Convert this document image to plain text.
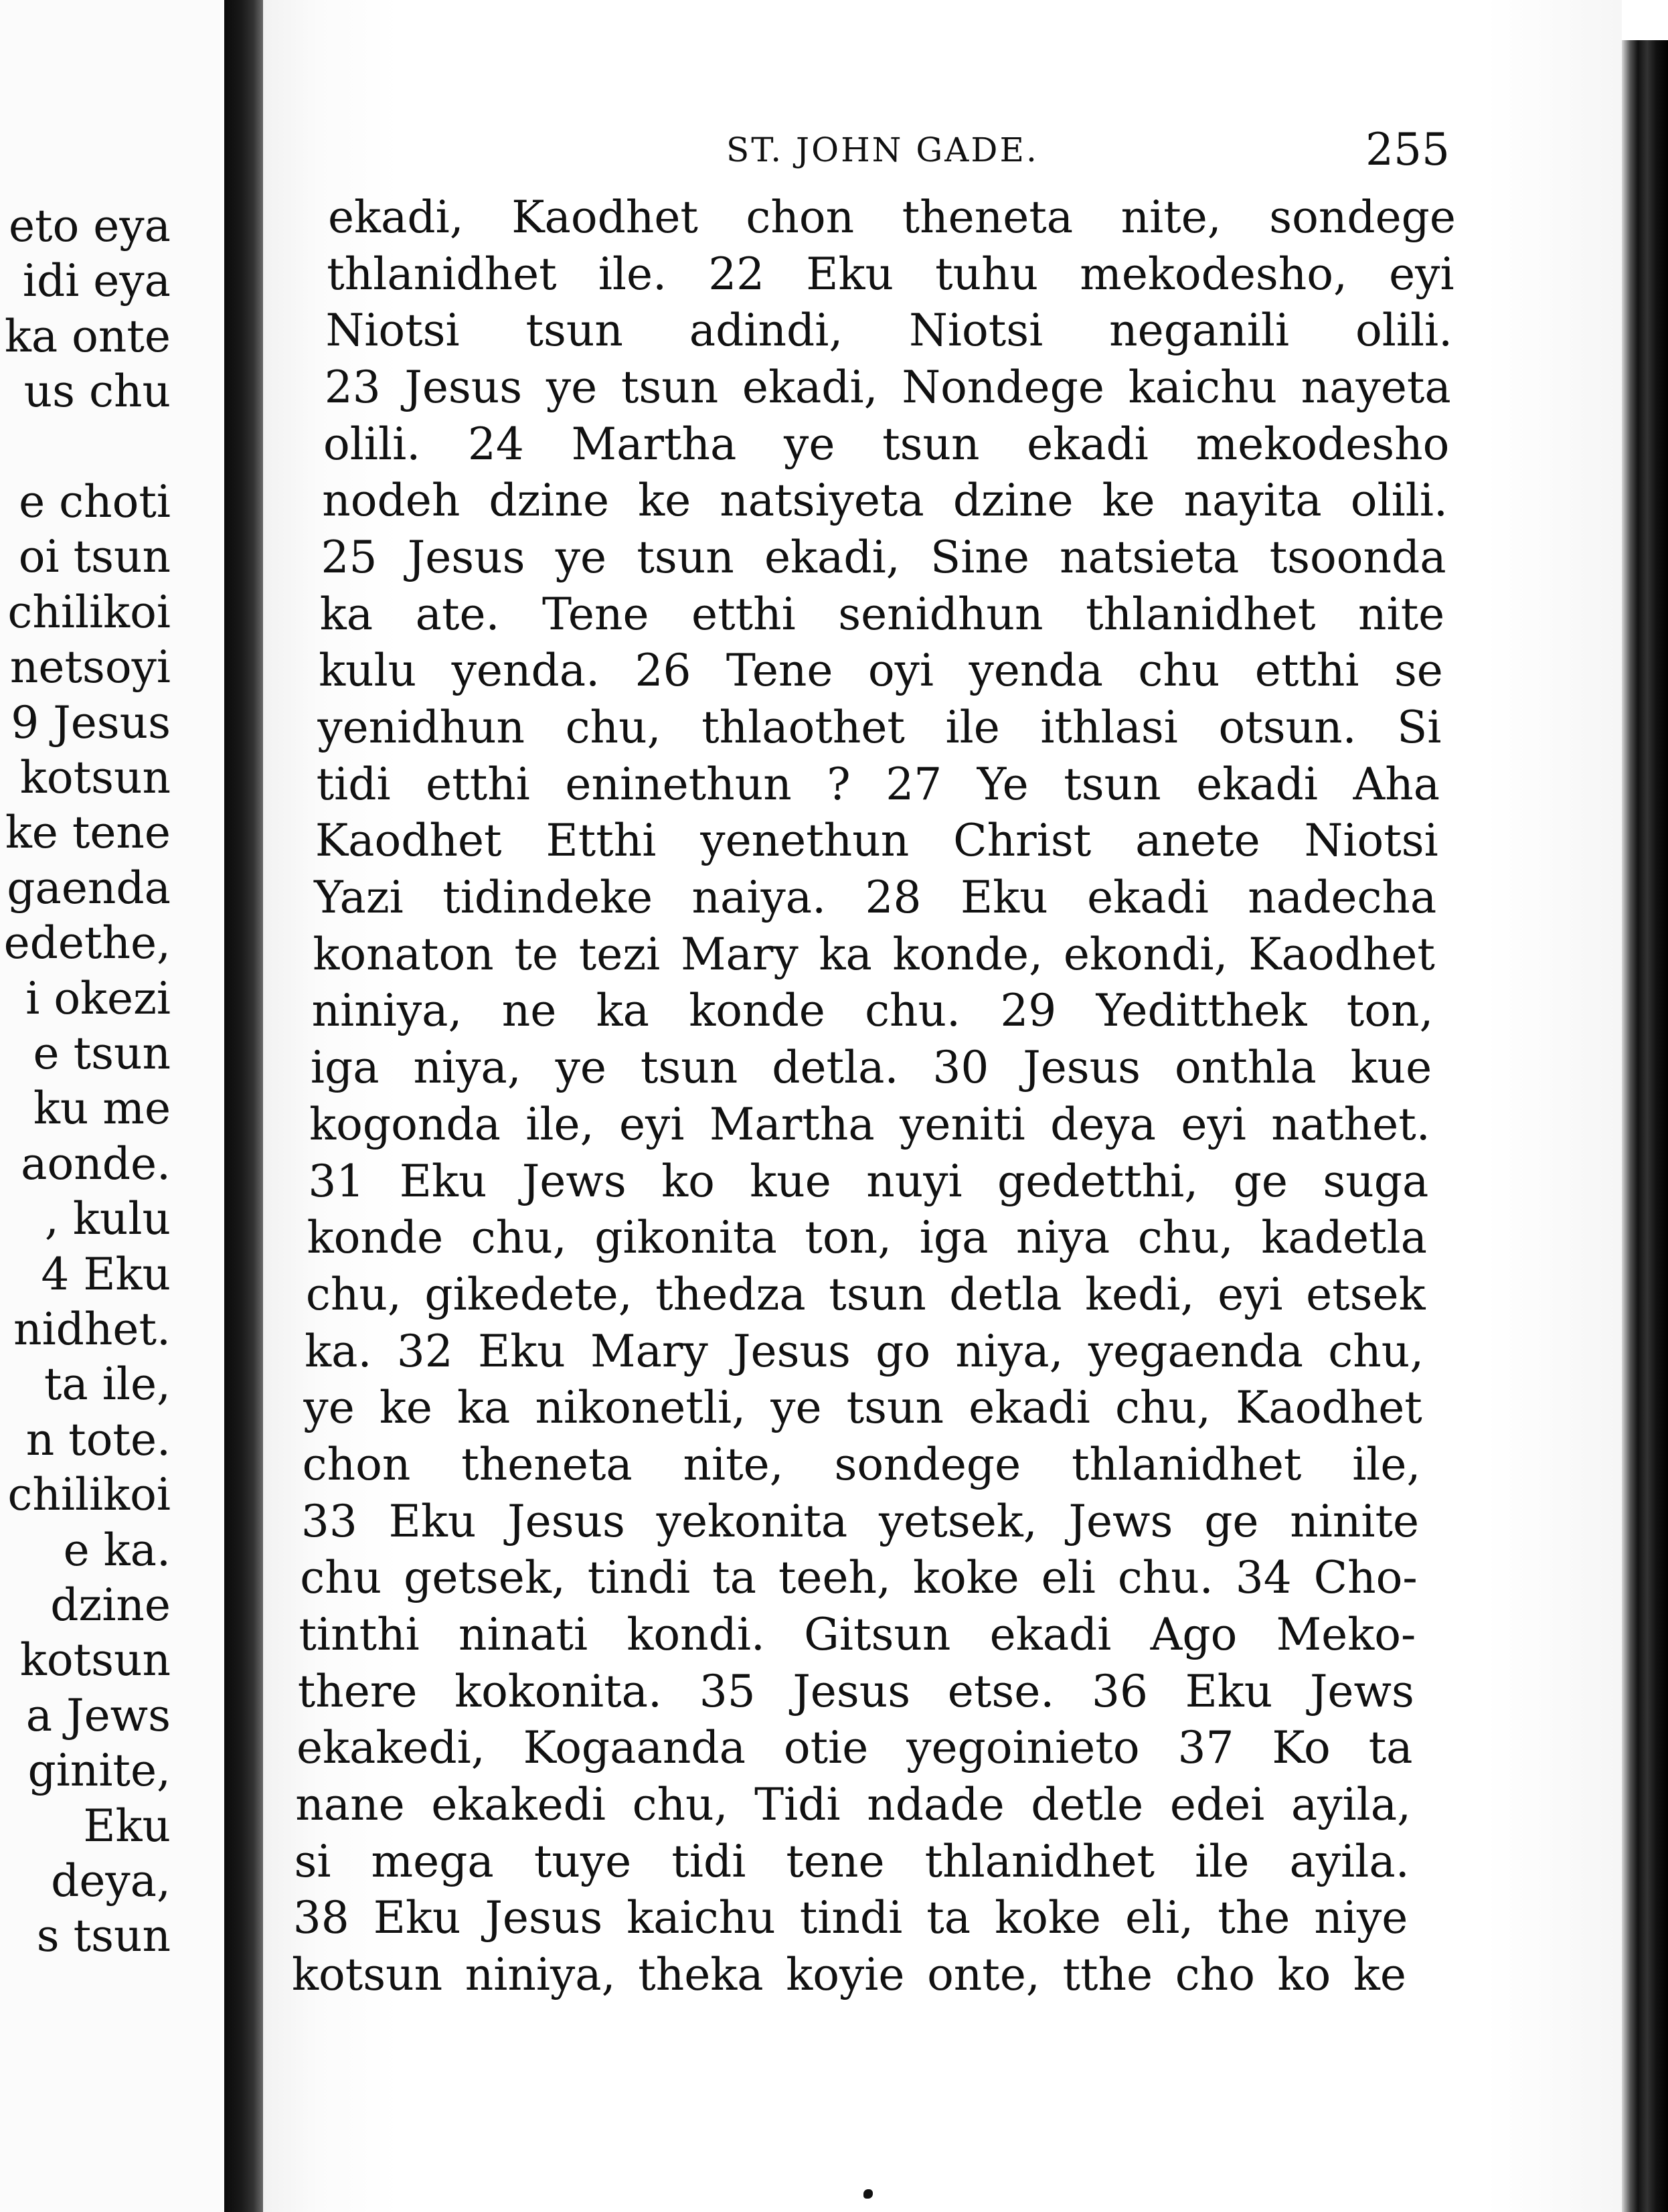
eto eya
idi eya
ka onte
us chu
e choti
oi tsun
chilikoi
netsoyi
9 Jesus
kotsun
ke tene
gaenda
edethe,
i okezi
e tsun
ku me
aonde.
, kulu
4 Eku
nidhet.
ta ile,
n tote.
chilikoi
e ka.
dzine
kotsun
a Jews
ginite,
Eku
deya,
s tsun
ST. JOHN GADE.	255
ekadi, Kaodhet chon theneta nite, sondege
thlanidhet ile. 22 Eku tuhu mekodesho, eyi
Niotsi tsun adindi, Niotsi neganili olili.
23 Jesus ye tsun ekadi, Nondege kaichu nayeta
olili. 24 Martha ye tsun ekadi mekodesho
nodeh dzine ke natsiyeta dzine ke nayita olili.
25 Jesus ye tsun ekadi, Sine natsieta tsoonda
ka ate. Tene etthi senidhun thlanidhet nite
kulu yenda. 26 Tene oyi yenda chu etthi se
yenidhun chu, thlaothet ile ithlasi otsun. Si
tidi etthi eninethun ? 27 Ye tsun ekadi Aha
Kaodhet Etthi yenethun Christ anete Niotsi
Yazi tidindeke naiya. 28 Eku ekadi nadecha
konaton te tezi Mary ka konde, ekondi, Kaodhet
niniya, ne ka konde chu. 29 Yeditthek ton,
iga niya, ye tsun detla. 30 Jesus onthla kue
kogonda ile, eyi Martha yeniti deya eyi nathet.
31 Eku Jews ko kue nuyi gedetthi, ge suga
konde chu, gikonita ton, iga niya chu, kadetla
chu, gikedete, thedza tsun detla kedi, eyi etsek
ka. 32 Eku Mary Jesus go niya, yegaenda chu,
ye ke ka nikonetli, ye tsun ekadi chu, Kaodhet
chon theneta nite, sondege thlanidhet ile,
33 Eku Jesus yekonita yetsek, Jews ge ninite
chu getsek, tindi ta teeh, koke eli chu. 34 Cho-
tinthi ninati kondi. Gitsun ekadi Ago Meko-
there kokonita. 35 Jesus etse. 36 Eku Jews
ekakedi, Kogaanda otie yegoinieto 37 Ko ta
nane ekakedi chu, Tidi ndade detle edei ayila,
si mega tuye tidi tene thlanidhet ile ayila.
38 Eku Jesus kaichu tindi ta koke eli, the niye
kotsun niniya, theka koyie onte, tthe cho ko ke
